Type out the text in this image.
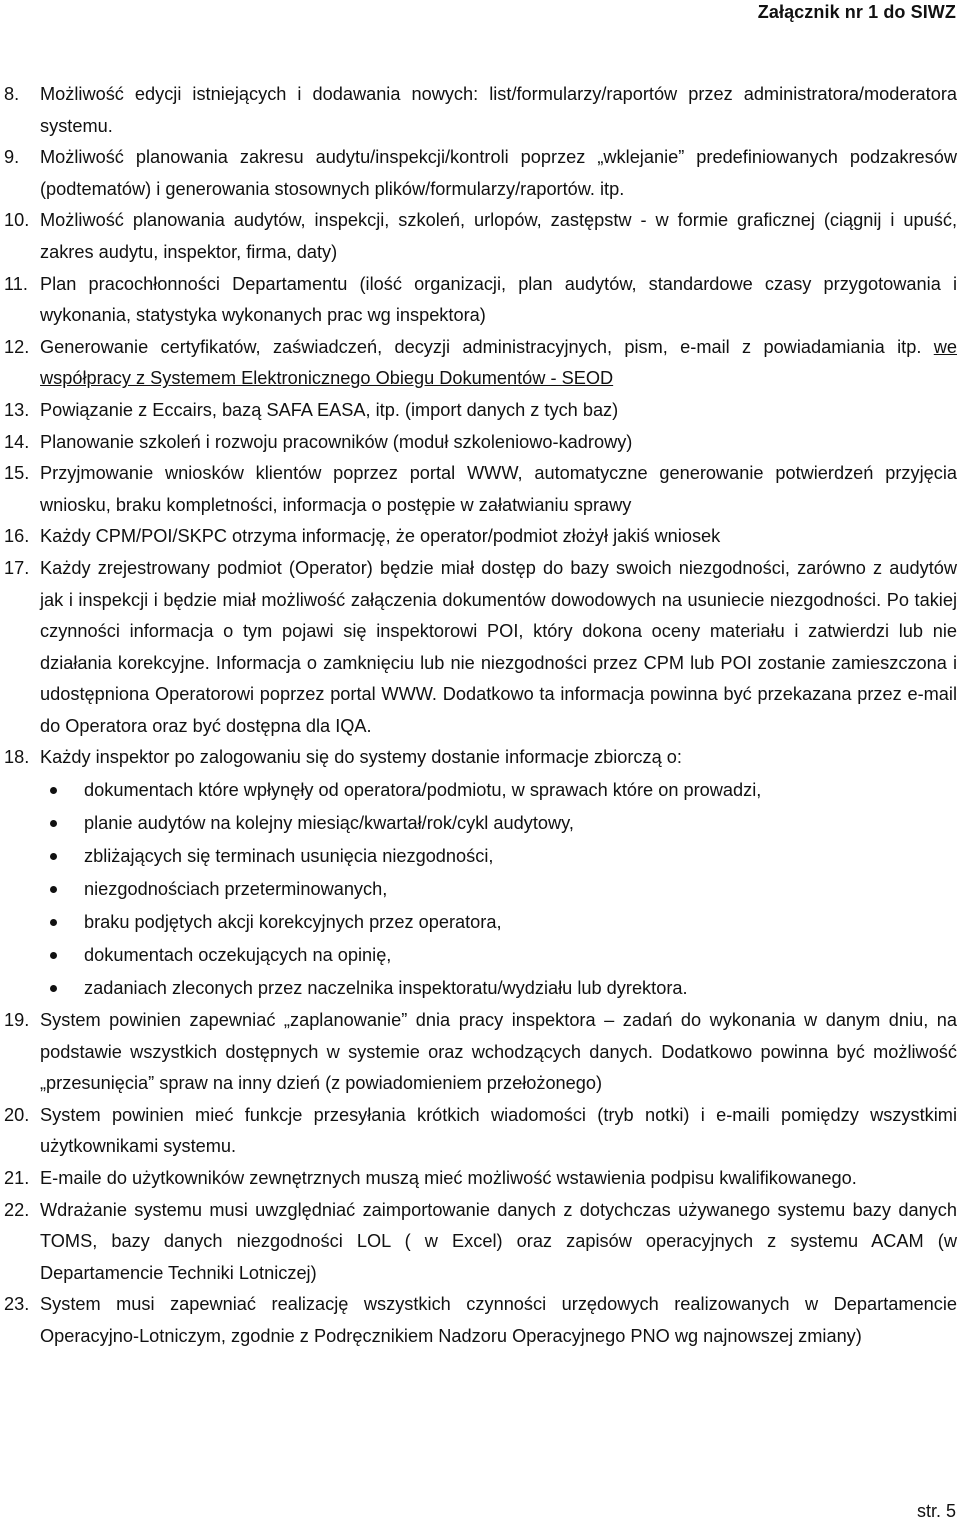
Załącznik nr 1 do SIWZ
8. Możliwość edycji istniejących i dodawania nowych: list/formularzy/raportów przez administratora/moderatora systemu.
9. Możliwość planowania zakresu audytu/inspekcji/kontroli poprzez „wklejanie” predefiniowanych podzakresów (podtematów) i generowania stosownych plików/formularzy/raportów. itp.
10. Możliwość planowania audytów, inspekcji, szkoleń, urlopów, zastępstw - w formie graficznej (ciągnij i upuść, zakres audytu, inspektor, firma, daty)
11. Plan pracochłonności Departamentu (ilość organizacji, plan audytów, standardowe czasy przygotowania i wykonania, statystyka wykonanych prac wg inspektora)
12. Generowanie certyfikatów, zaświadczeń, decyzji administracyjnych, pism, e-mail z powiadamiania itp. we współpracy z Systemem Elektronicznego Obiegu Dokumentów - SEOD
13. Powiązanie z Eccairs, bazą SAFA EASA, itp. (import danych z tych baz)
14. Planowanie szkoleń i rozwoju pracowników (moduł szkoleniowo-kadrowy)
15. Przyjmowanie wniosków klientów poprzez portal WWW, automatyczne generowanie potwierdzeń przyjęcia wniosku, braku kompletności, informacja o postępie w załatwianiu sprawy
16. Każdy CPM/POI/SKPC otrzyma informację, że operator/podmiot złożył jakiś wniosek
17. Każdy zrejestrowany podmiot (Operator) będzie miał dostęp do bazy swoich niezgodności, zarówno z audytów jak i inspekcji i będzie miał możliwość załączenia dokumentów dowodowych na usuniecie niezgodności. Po takiej czynności informacja o tym pojawi się inspektorowi POI, który dokona oceny materiału i zatwierdzi lub nie działania korekcyjne. Informacja o zamknięciu lub nie niezgodności przez CPM lub POI zostanie zamieszczona i udostępniona Operatorowi poprzez portal WWW. Dodatkowo ta informacja powinna być przekazana przez e-mail do Operatora oraz być dostępna dla IQA.
18. Każdy inspektor po zalogowaniu się do systemy dostanie informacje zbiorczą o:
dokumentach które wpłynęły od operatora/podmiotu, w sprawach które on prowadzi,
planie audytów na kolejny miesiąc/kwartał/rok/cykl audytowy,
zbliżających się terminach usunięcia niezgodności,
niezgodnościach przeterminowanych,
braku podjętych akcji korekcyjnych przez operatora,
dokumentach oczekujących na opinię,
zadaniach zleconych przez naczelnika inspektoratu/wydziału lub dyrektora.
19. System powinien zapewniać „zaplanowanie” dnia pracy inspektora – zadań do wykonania w danym dniu, na podstawie wszystkich dostępnych w systemie oraz wchodzących danych. Dodatkowo powinna być możliwość „przesunięcia” spraw na inny dzień (z powiadomieniem przełożonego)
20. System powinien mieć funkcje przesyłania krótkich wiadomości (tryb notki) i e-maili pomiędzy wszystkimi użytkownikami systemu.
21. E-maile do użytkowników zewnętrznych muszą mieć możliwość wstawienia podpisu kwalifikowanego.
22. Wdrażanie systemu musi uwzględniać zaimportowanie danych z dotychczas używanego systemu bazy danych TOMS, bazy danych niezgodności LOL ( w Excel) oraz zapisów operacyjnych z systemu ACAM (w Departamencie Techniki Lotniczej)
23. System musi zapewniać realizację wszystkich czynności urzędowych realizowanych w Departamencie Operacyjno-Lotniczym, zgodnie z Podręcznikiem Nadzoru Operacyjnego PNO wg najnowszej zmiany)
str. 5
